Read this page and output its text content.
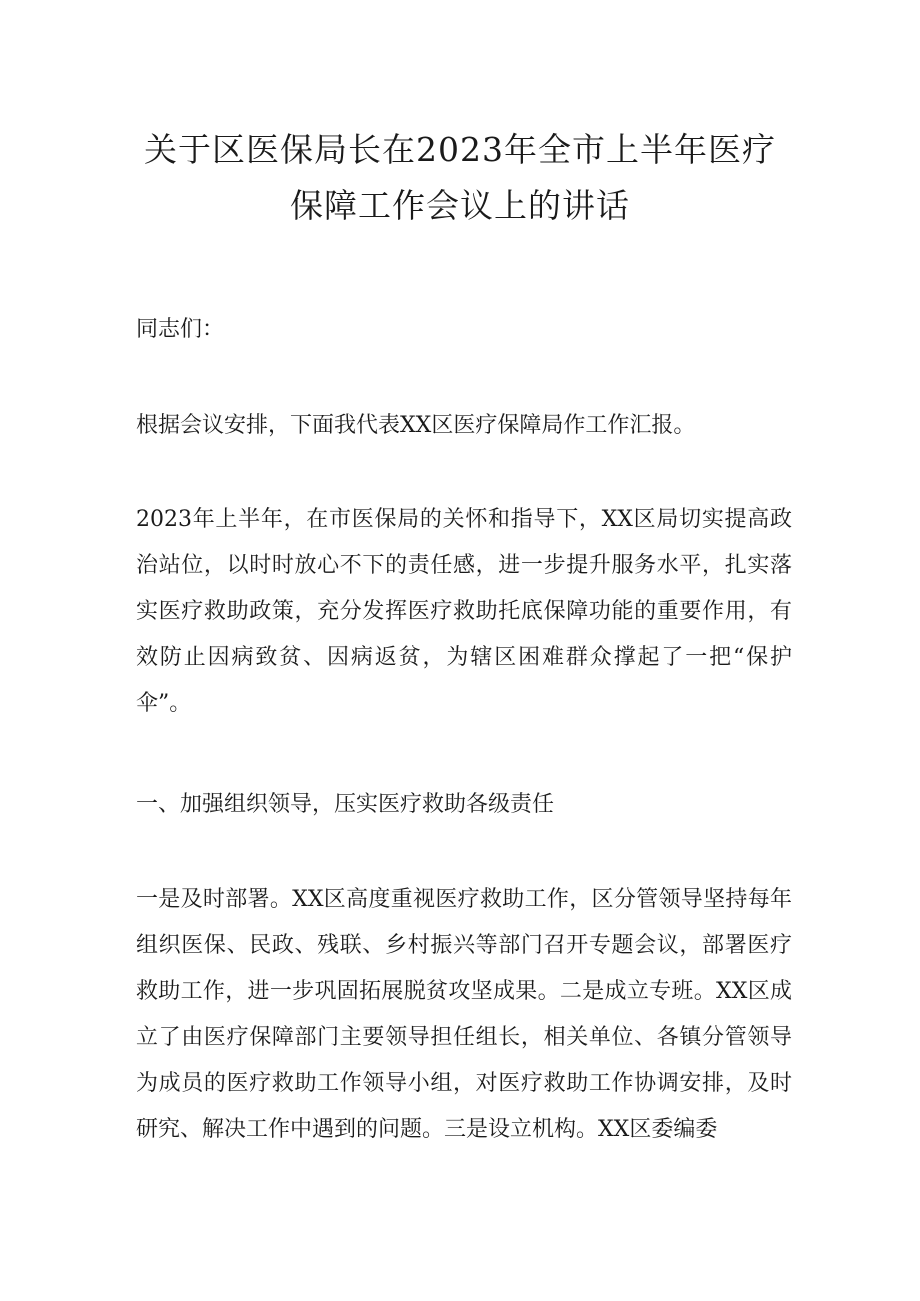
关于区医保局长在2023年全市上半年医疗
保障工作会议上的讲话

同志们：

根据会议安排，下面我代表XX区医疗保障局作工作汇报。

2023年上半年，在市医保局的关怀和指导下，XX区局切实提高政治站位，以时时放心不下的责任感，进一步提升服务水平，扎实落实医疗救助政策，充分发挥医疗救助托底保障功能的重要作用，有效防止因病致贫、因病返贫，为辖区困难群众撑起了一把“保护伞”。

一、加强组织领导，压实医疗救助各级责任

一是及时部署。XX区高度重视医疗救助工作，区分管领导坚持每年组织医保、民政、残联、乡村振兴等部门召开专题会议，部署医疗救助工作，进一步巩固拓展脱贫攻坚成果。二是成立专班。XX区成立了由医疗保障部门主要领导担任组长，相关单位、各镇分管领导为成员的医疗救助工作领导小组，对医疗救助工作协调安排，及时研究、解决工作中遇到的问题。三是设立机构。XX区委编委
